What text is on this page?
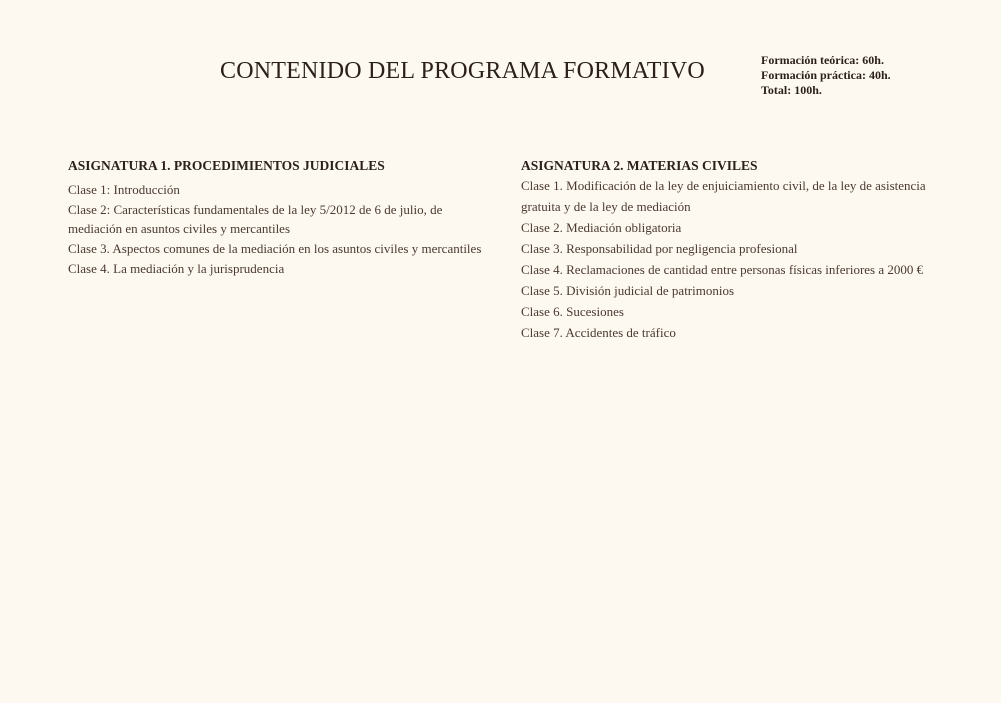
CONTENIDO DEL PROGRAMA FORMATIVO	Formación teórica: 60h.
Formación práctica: 40h.
Total: 100h.
ASIGNATURA 1. PROCEDIMIENTOS JUDICIALES
Clase 1: Introducción
Clase 2: Características fundamentales de la ley 5/2012 de 6 de julio, de mediación en asuntos civiles y mercantiles
Clase 3. Aspectos comunes de la mediación en los asuntos civiles y mercantiles
Clase 4. La mediación y la jurisprudencia
ASIGNATURA 2. MATERIAS CIVILES
Clase 1. Modificación de la ley de enjuiciamiento civil, de la ley de asistencia gratuita y de la ley de mediación
Clase 2. Mediación obligatoria
Clase 3. Responsabilidad por negligencia profesional
Clase 4. Reclamaciones de cantidad entre personas físicas inferiores a 2000 €
Clase 5. División judicial de patrimonios
Clase 6. Sucesiones
Clase 7. Accidentes de tráfico
